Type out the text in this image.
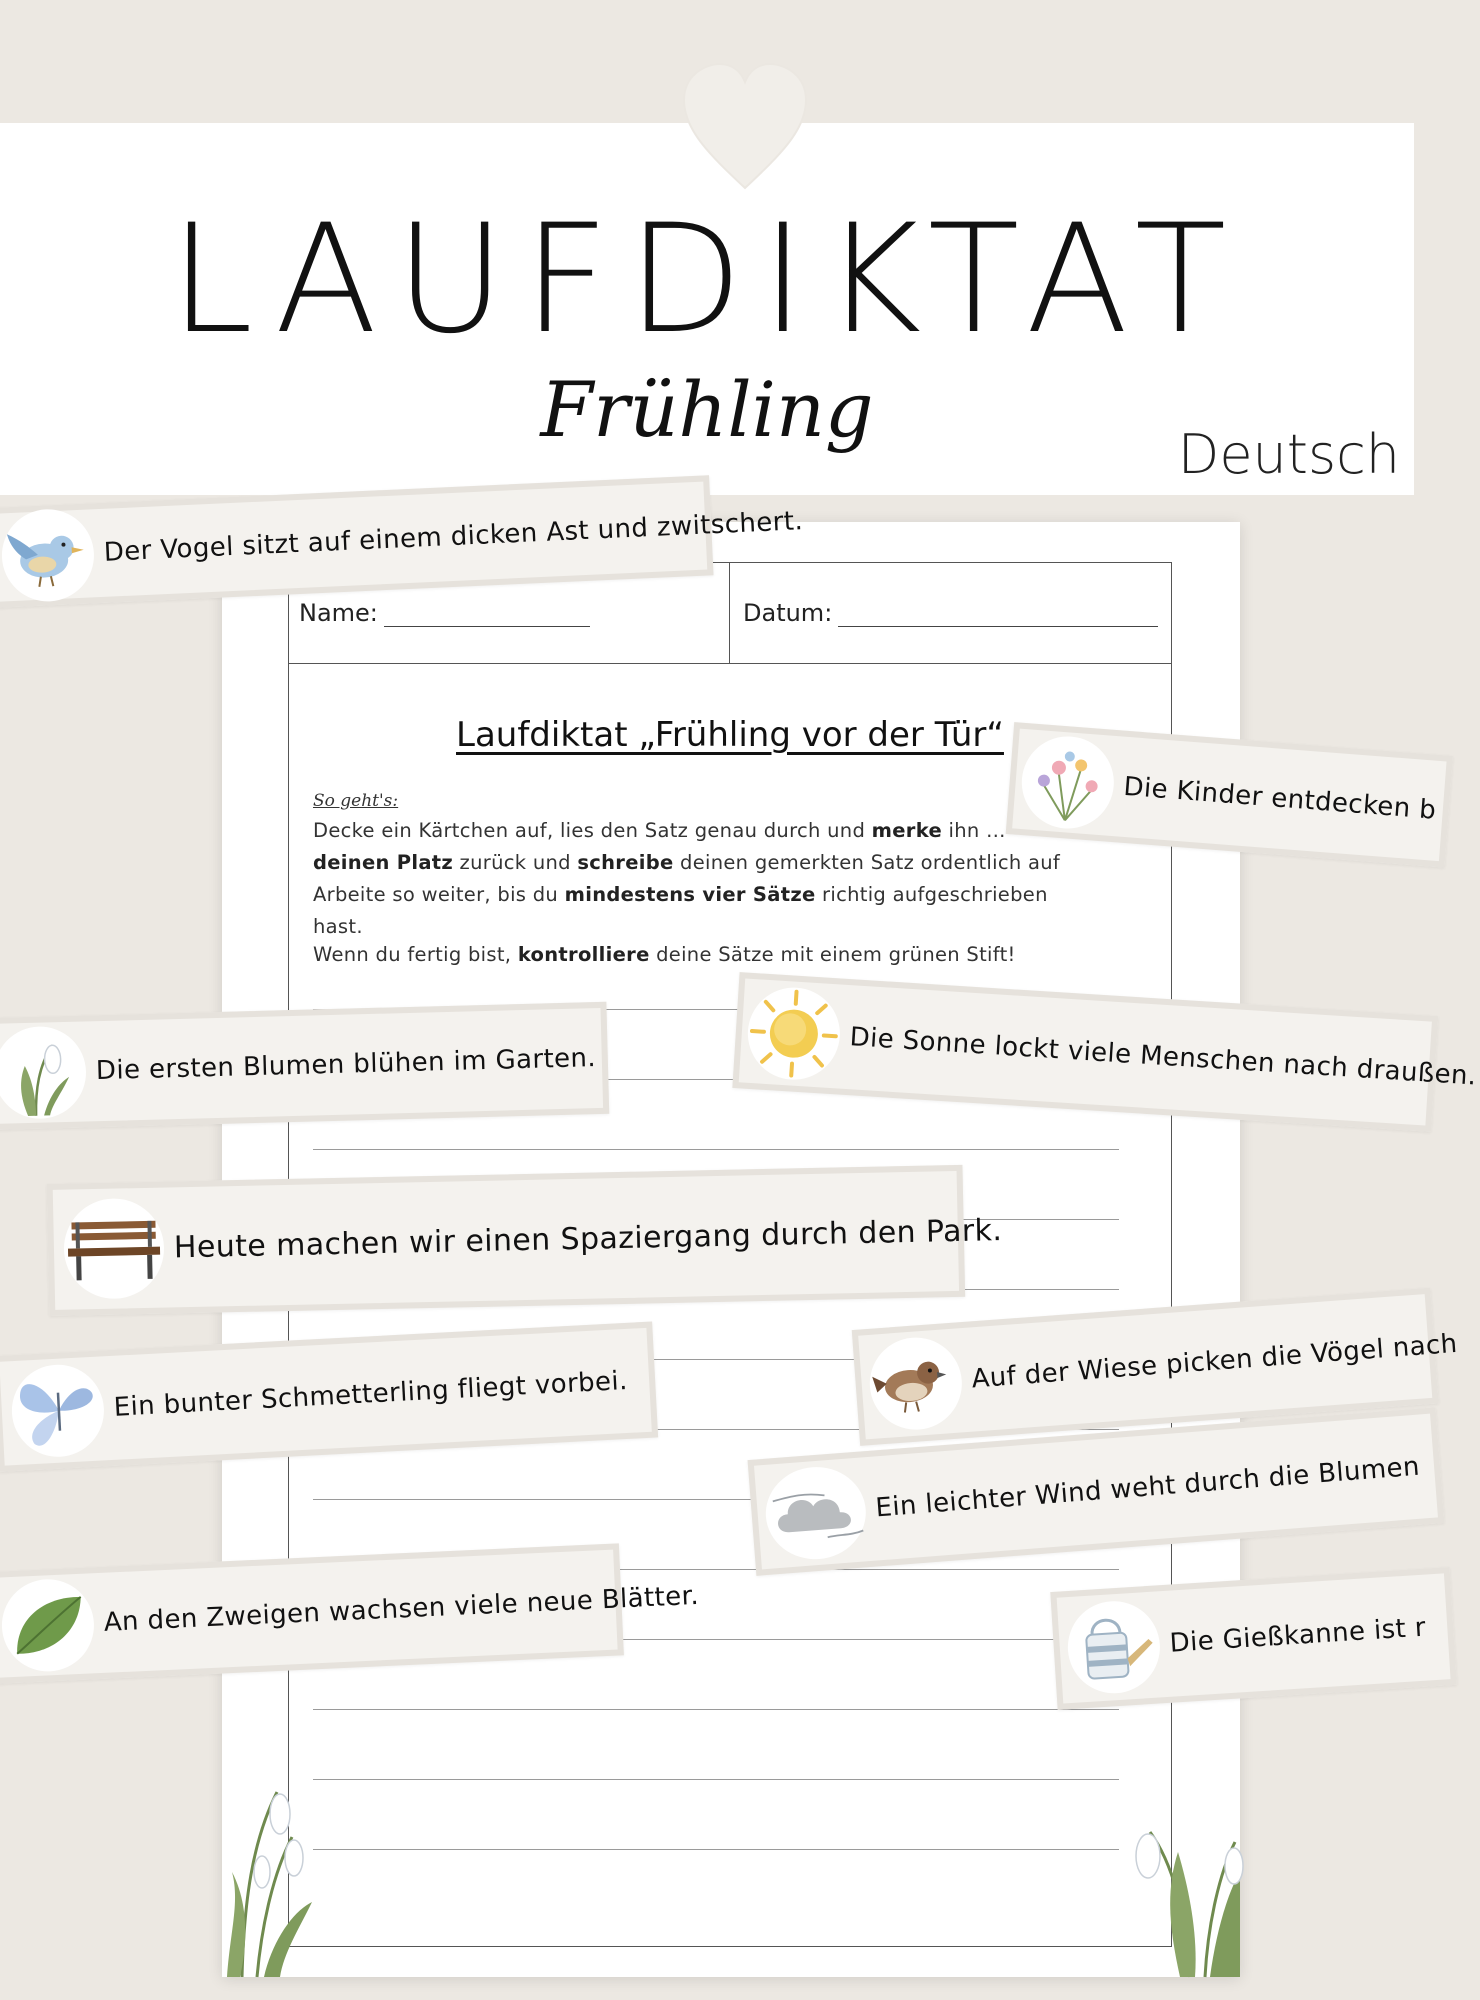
LAUFDIKTAT
Frühling
Deutsch
Name:	Datum:
Laufdiktat „Frühling vor der Tür“
So geht's:
Decke ein Kärtchen auf, lies den Satz genau durch und merke ihn …
deinen Platz zurück und schreibe deinen gemerkten Satz ordentlich auf
Arbeite so weiter, bis du mindestens vier Sätze richtig aufgeschrieben hast.
Wenn du fertig bist, kontrolliere deine Sätze mit einem grünen Stift!
Der Vogel sitzt auf einem dicken Ast und zwitschert.
Die Kinder entdecken b
Die ersten Blumen blühen im Garten.	Die Sonne lockt viele Menschen nach draußen.
Heute machen wir einen Spaziergang durch den Park.
Auf der Wiese picken die Vögel nach
Ein bunter Schmetterling fliegt vorbei.
Ein leichter Wind weht durch die Blumen
An den Zweigen wachsen viele neue Blätter.	Die Gießkanne ist r
